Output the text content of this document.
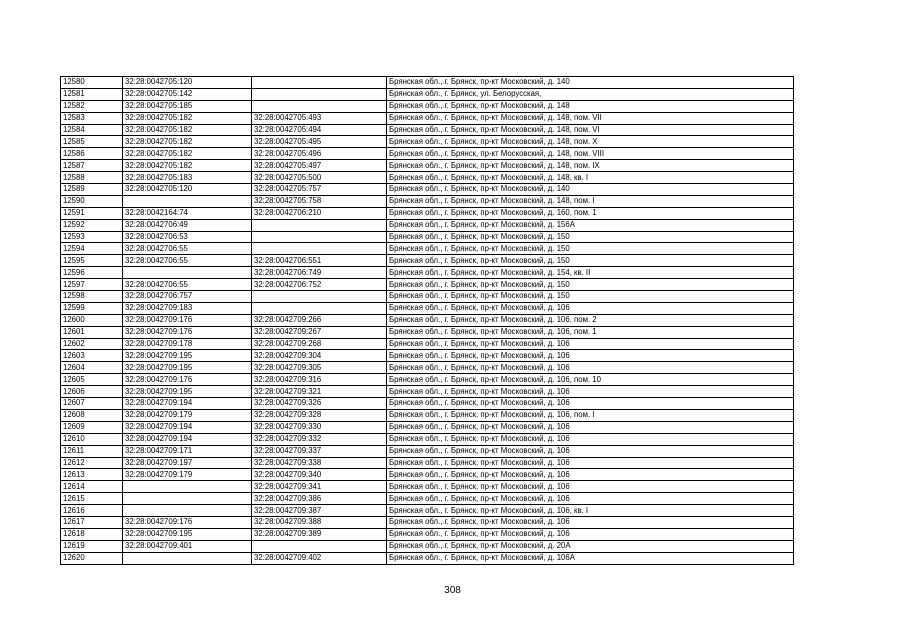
12580	32:28:0042705:120		Брянская обл., г. Брянск, пр-кт Московский, д. 140
12581	32:28:0042705:142		Брянская обл., г. Брянск, ул. Белорусская,
12582	32:28:0042705:185		Брянская обл., г. Брянск, пр-кт Московский, д. 148
12583	32:28:0042705:182	32:28:0042705:493	Брянская обл., г. Брянск, пр-кт Московский, д. 148, пом. VII
12584	32:28:0042705:182	32:28:0042705:494	Брянская обл., г. Брянск, пр-кт Московский, д. 148, пом. VI
12585	32:28:0042705:182	32:28:0042705:495	Брянская обл., г. Брянск, пр-кт Московский, д. 148, пом. X
12586	32:28:0042705:182	32:28:0042705:496	Брянская обл., г. Брянск, пр-кт Московский, д. 148, пом. VIII
12587	32:28:0042705:182	32:28:0042705:497	Брянская обл., г. Брянск, пр-кт Московский, д. 148, пом. IX
12588	32:28:0042705:183	32:28:0042705:500	Брянская обл., г. Брянск, пр-кт Московский, д. 148, кв. I
12589	32:28:0042705:120	32:28:0042705:757	Брянская обл., г. Брянск, пр-кт Московский, д. 140
12590		32:28:0042705:758	Брянская обл., г. Брянск, пр-кт Московский, д. 148, пом. I
12591	32:28:0042164:74	32:28:0042706:210	Брянская обл., г. Брянск, пр-кт Московский, д. 160, пом. 1
12592	32:28:0042706:49		Брянская обл., г. Брянск, пр-кт Московский, д. 156А
12593	32:28:0042706:53		Брянская обл., г. Брянск, пр-кт Московский, д. 150
12594	32:28:0042706:55		Брянская обл., г. Брянск, пр-кт Московский, д. 150
12595	32:28:0042706:55	32:28:0042706:551	Брянская обл., г. Брянск, пр-кт Московский, д. 150
12596		32:28:0042706:749	Брянская обл., г. Брянск, пр-кт Московский, д. 154, кв. II
12597	32:28:0042706:55	32:28:0042706:752	Брянская обл., г. Брянск, пр-кт Московский, д. 150
12598	32:28:0042706:757		Брянская обл., г. Брянск, пр-кт Московский, д. 150
12599	32:28:0042709:183		Брянская обл., г. Брянск, пр-кт Московский, д. 106
12600	32:28:0042709:176	32:28:0042709:266	Брянская обл., г. Брянск, пр-кт Московский, д. 106, пом. 2
12601	32:28:0042709:176	32:28:0042709:267	Брянская обл., г. Брянск, пр-кт Московский, д. 106, пом. 1
12602	32:28:0042709:178	32:28:0042709:268	Брянская обл., г. Брянск, пр-кт Московский, д. 106
12603	32:28:0042709:195	32:28:0042709:304	Брянская обл., г. Брянск, пр-кт Московский, д. 106
12604	32:28:0042709:195	32:28:0042709:305	Брянская обл., г. Брянск, пр-кт Московский, д. 106
12605	32:28:0042709:176	32:28:0042709:316	Брянская обл., г. Брянск, пр-кт Московский, д. 106, пом. 10
12606	32:28:0042709:195	32:28:0042709:321	Брянская обл., г. Брянск, пр-кт Московский, д. 106
12607	32:28:0042709:194	32:28:0042709:326	Брянская обл., г. Брянск, пр-кт Московский, д. 106
12608	32:28:0042709:179	32:28:0042709:328	Брянская обл., г. Брянск, пр-кт Московский, д. 106, пом. I
12609	32:28:0042709:194	32:28:0042709:330	Брянская обл., г. Брянск, пр-кт Московский, д. 106
12610	32:28:0042709:194	32:28:0042709:332	Брянская обл., г. Брянск, пр-кт Московский, д. 106
12611	32:28:0042709:171	32:28:0042709:337	Брянская обл., г. Брянск, пр-кт Московский, д. 106
12612	32:28:0042709:197	32:28:0042709:338	Брянская обл., г. Брянск, пр-кт Московский, д. 106
12613	32:28:0042709:179	32:28:0042709:340	Брянская обл., г. Брянск, пр-кт Московский, д. 106
12614		32:28:0042709:341	Брянская обл., г. Брянск, пр-кт Московский, д. 106
12615		32:28:0042709:386	Брянская обл., г. Брянск, пр-кт Московский, д. 106
12616		32:28:0042709:387	Брянская обл., г. Брянск, пр-кт Московский, д. 106, кв. I
12617	32:28:0042709:176	32:28:0042709:388	Брянская обл., г. Брянск, пр-кт Московский, д. 106
12618	32:28:0042709:195	32:28:0042709:389	Брянская обл., г. Брянск, пр-кт Московский, д. 106
12619	32:28:0042709:401		Брянская обл., г. Брянск, пр-кт Московский, д. 20А
12620		32:28:0042709:402	Брянская обл., г. Брянск, пр-кт Московский, д. 106А
308
